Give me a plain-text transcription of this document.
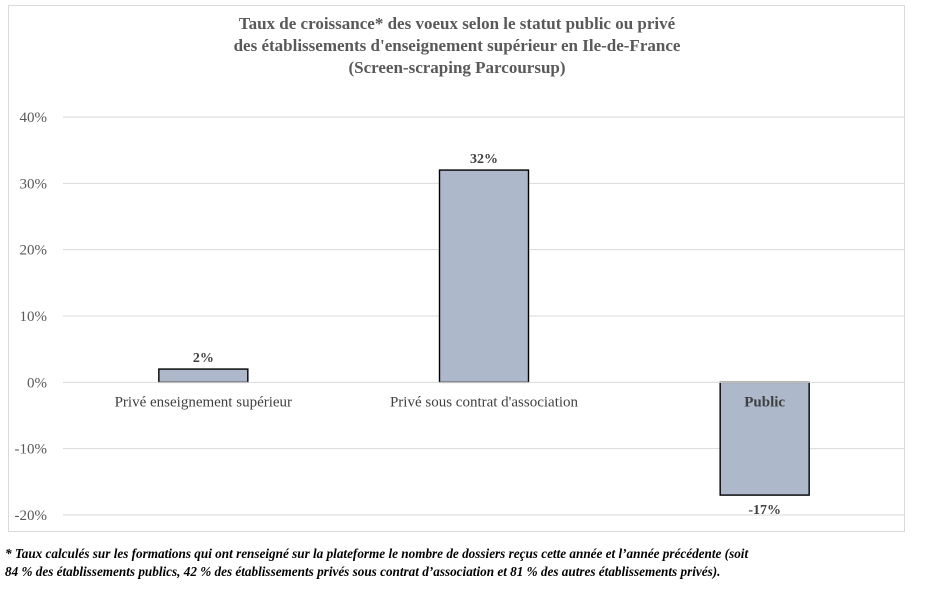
Taux de croissance* des voeux selon le statut public ou privé
des établissements d'enseignement supérieur en Ile-de-France
(Screen-scraping Parcoursup)
40%
30%
20%
10%
0%
-10%
-20%
2%
Privé enseignement supérieur
32%
Privé sous contrat d'association
-17%
Public
* Taux calculés sur les formations qui ont renseigné sur la plateforme le nombre de dossiers reçus cette année et l’année précédente (soit
84 % des établissements publics, 42 % des établissements privés sous contrat d’association et 81 % des autres établissements privés).
